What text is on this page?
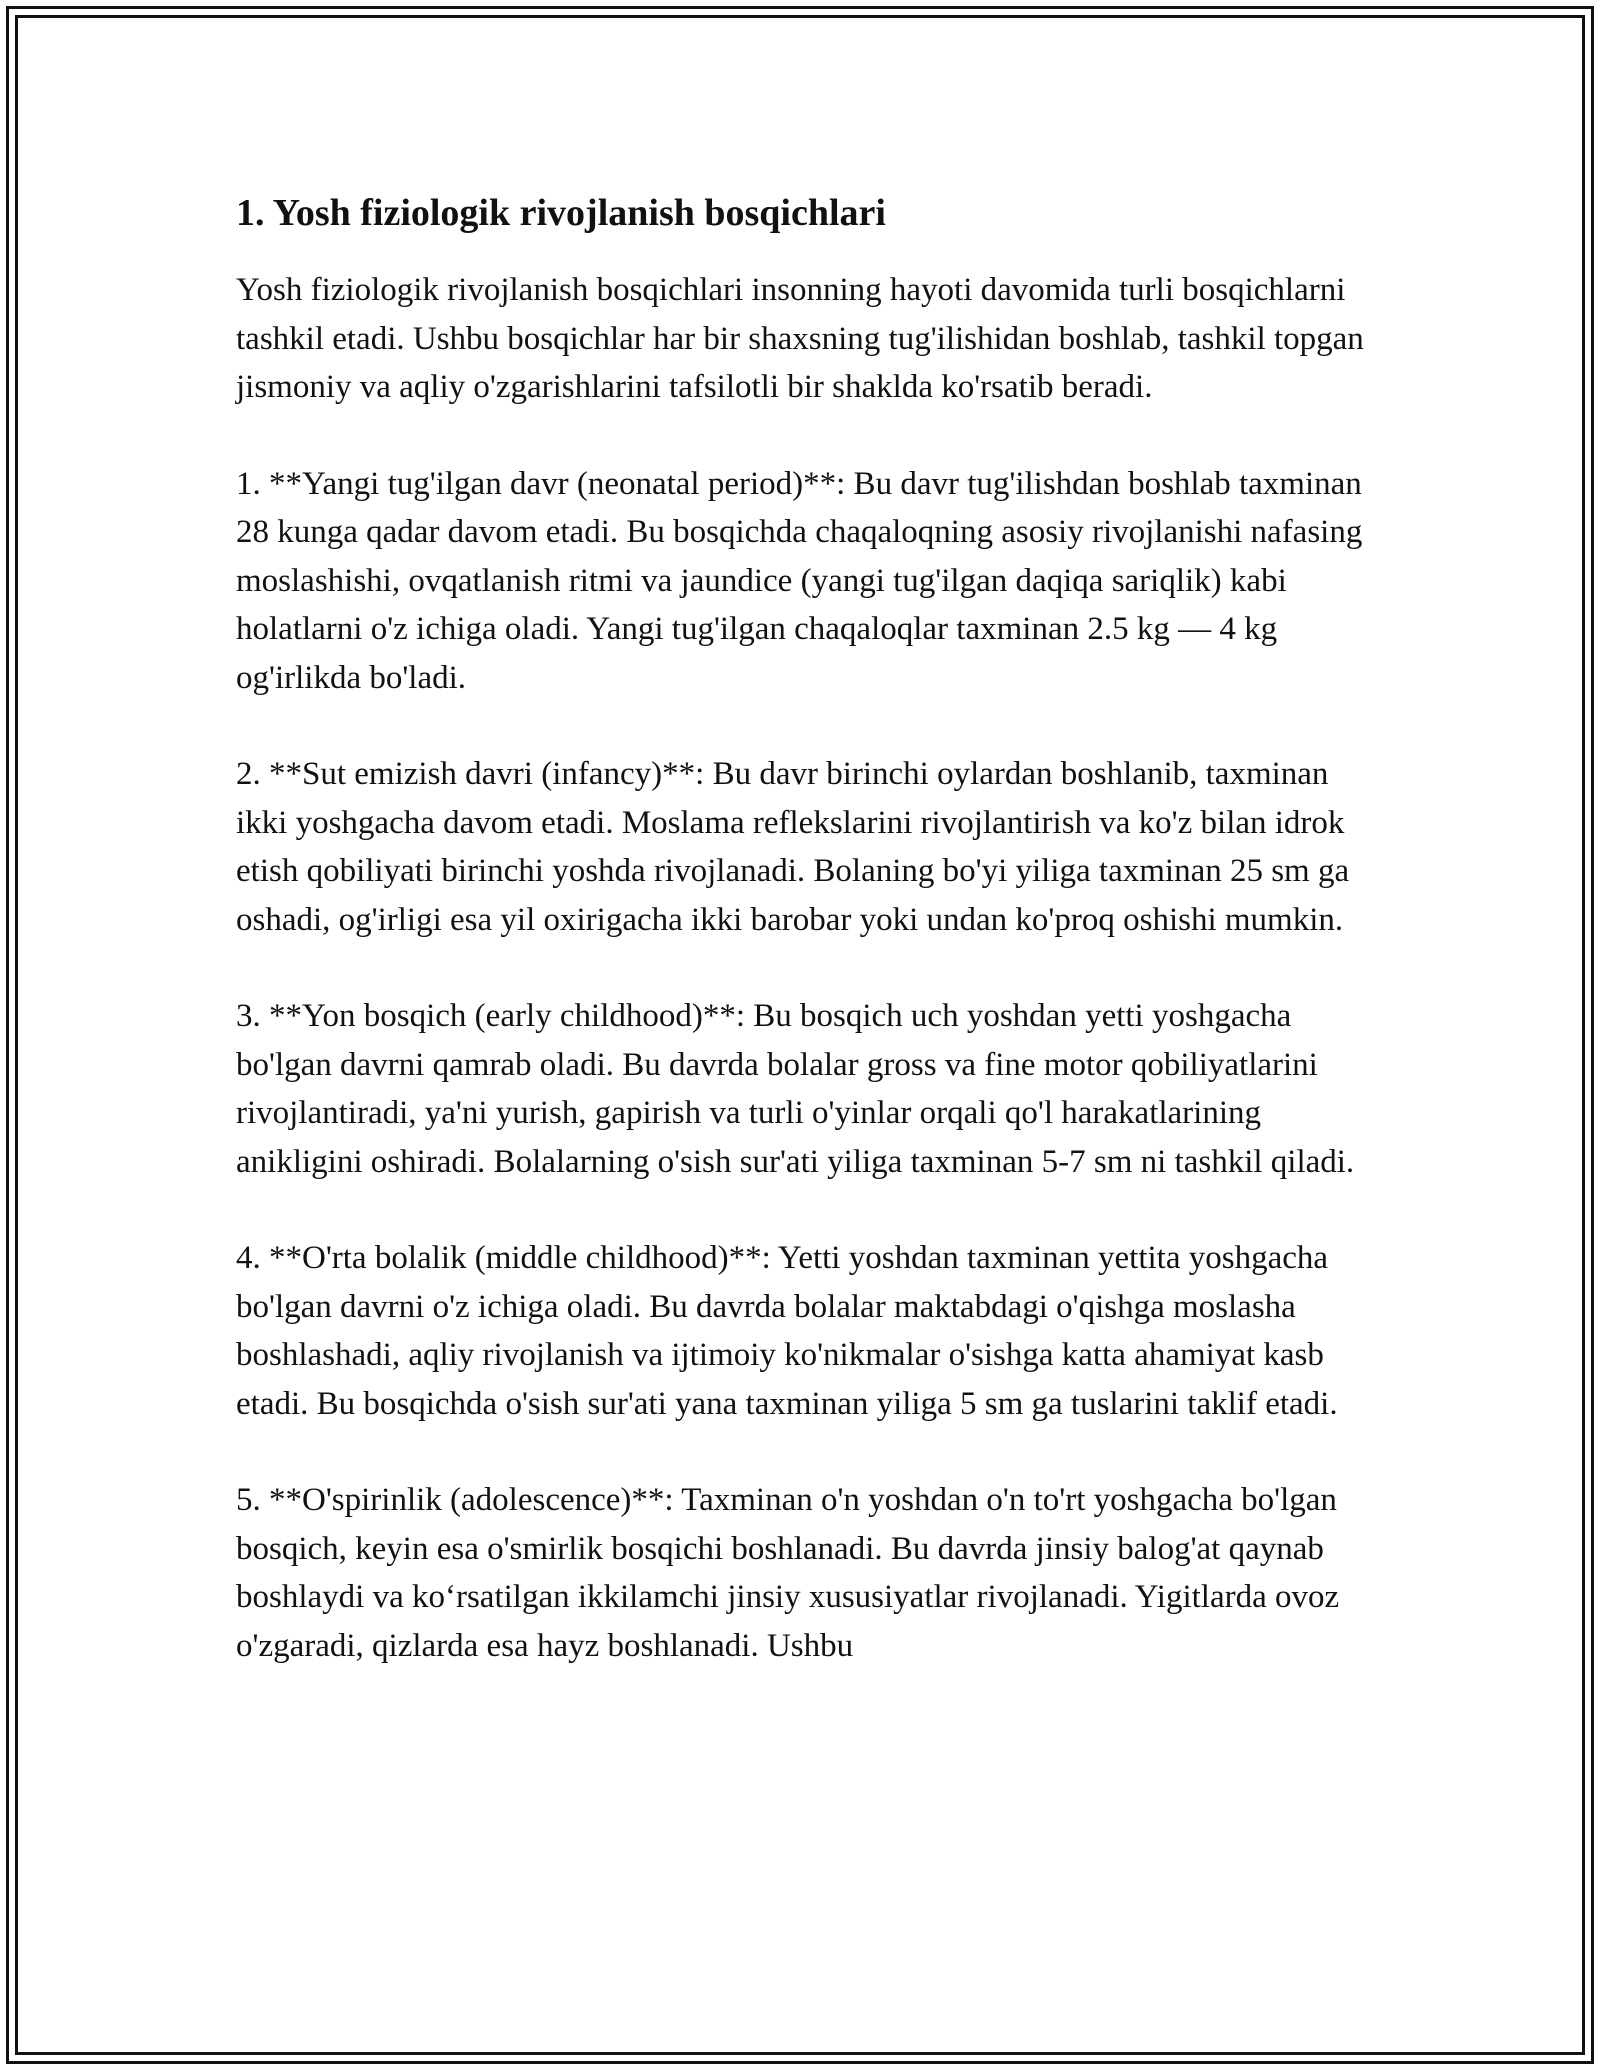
1. Yosh fiziologik rivojlanish bosqichlari

Yosh fiziologik rivojlanish bosqichlari insonning hayoti davomida turli bosqichlarni tashkil etadi. Ushbu bosqichlar har bir shaxsning tug'ilishidan boshlab, tashkil topgan jismoniy va aqliy o'zgarishlarini tafsilotli bir shaklda ko'rsatib beradi.

1. **Yangi tug'ilgan davr (neonatal period)**: Bu davr tug'ilishdan boshlab taxminan 28 kunga qadar davom etadi. Bu bosqichda chaqaloqning asosiy rivojlanishi nafasing moslashishi, ovqatlanish ritmi va jaundice (yangi tug'ilgan daqiqa sariqlik) kabi holatlarni o'z ichiga oladi. Yangi tug'ilgan chaqaloqlar taxminan 2.5 kg — 4 kg og'irlikda bo'ladi.

2. **Sut emizish davri (infancy)**: Bu davr birinchi oylardan boshlanib, taxminan ikki yoshgacha davom etadi. Moslama reflekslarini rivojlantirish va ko'z bilan idrok etish qobiliyati birinchi yoshda rivojlanadi. Bolaning bo'yi yiliga taxminan 25 sm ga oshadi, og'irligi esa yil oxirigacha ikki barobar yoki undan ko'proq oshishi mumkin.

3. **Yon bosqich (early childhood)**: Bu bosqich uch yoshdan yetti yoshgacha bo'lgan davrni qamrab oladi. Bu davrda bolalar gross va fine motor qobiliyatlarini rivojlantiradi, ya'ni yurish, gapirish va turli o'yinlar orqali qo'l harakatlarining anikligini oshiradi. Bolalarning o'sish sur'ati yiliga taxminan 5-7 sm ni tashkil qiladi.

4. **O'rta bolalik (middle childhood)**: Yetti yoshdan taxminan yettita yoshgacha bo'lgan davrni o'z ichiga oladi. Bu davrda bolalar maktabdagi o'qishga moslasha boshlashadi, aqliy rivojlanish va ijtimoiy ko'nikmalar o'sishga katta ahamiyat kasb etadi. Bu bosqichda o'sish sur'ati yana taxminan yiliga 5 sm ga tuslarini taklif etadi.

5. **O'spirinlik (adolescence)**: Taxminan o'n yoshdan o'n to'rt yoshgacha bo'lgan bosqich, keyin esa o'smirlik bosqichi boshlanadi. Bu davrda jinsiy balog'at qaynab boshlaydi va ko‘rsatilgan ikkilamchi jinsiy xususiyatlar rivojlanadi. Yigitlarda ovoz o'zgaradi, qizlarda esa hayz boshlanadi. Ushbu
